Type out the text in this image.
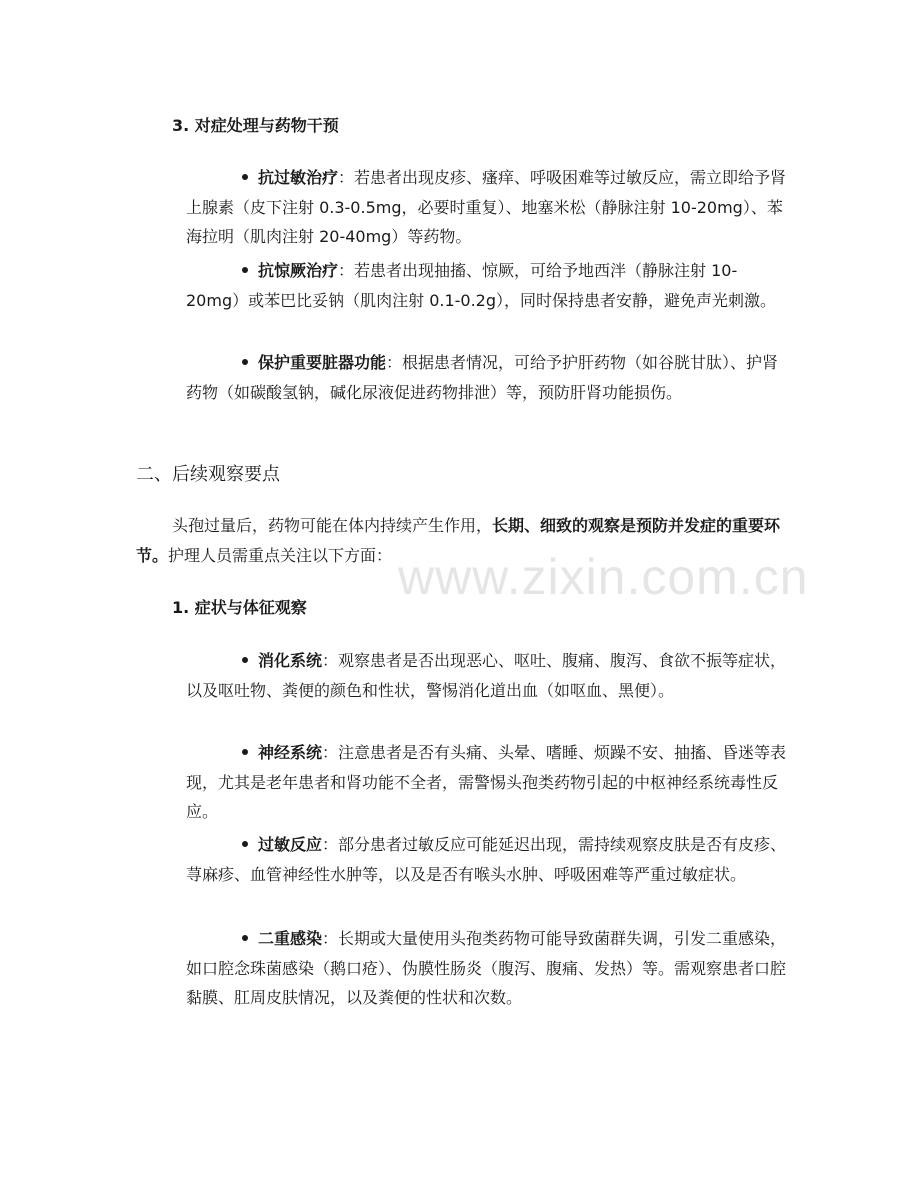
3. 对症处理与药物干预

抗过敏治疗：若患者出现皮疹、瘙痒、呼吸困难等过敏反应，需立即给予肾上腺素（皮下注射 0.3-0.5mg，必要时重复）、地塞米松（静脉注射 10-20mg）、苯海拉明（肌肉注射 20-40mg）等药物。

抗惊厥治疗：若患者出现抽搐、惊厥，可给予地西泮（静脉注射 10-20mg）或苯巴比妥钠（肌肉注射 0.1-0.2g），同时保持患者安静，避免声光刺激。

保护重要脏器功能：根据患者情况，可给予护肝药物（如谷胱甘肽）、护肾药物（如碳酸氢钠，碱化尿液促进药物排泄）等，预防肝肾功能损伤。

二、后续观察要点

头孢过量后，药物可能在体内持续产生作用，长期、细致的观察是预防并发症的重要环节。护理人员需重点关注以下方面：

1. 症状与体征观察

消化系统：观察患者是否出现恶心、呕吐、腹痛、腹泻、食欲不振等症状，以及呕吐物、粪便的颜色和性状，警惕消化道出血（如呕血、黑便）。

神经系统：注意患者是否有头痛、头晕、嗜睡、烦躁不安、抽搐、昏迷等表现，尤其是老年患者和肾功能不全者，需警惕头孢类药物引起的中枢神经系统毒性反应。

过敏反应：部分患者过敏反应可能延迟出现，需持续观察皮肤是否有皮疹、荨麻疹、血管神经性水肿等，以及是否有喉头水肿、呼吸困难等严重过敏症状。

二重感染：长期或大量使用头孢类药物可能导致菌群失调，引发二重感染，如口腔念珠菌感染（鹅口疮）、伪膜性肠炎（腹泻、腹痛、发热）等。需观察患者口腔黏膜、肛周皮肤情况，以及粪便的性状和次数。

www.zixin.com.cn
